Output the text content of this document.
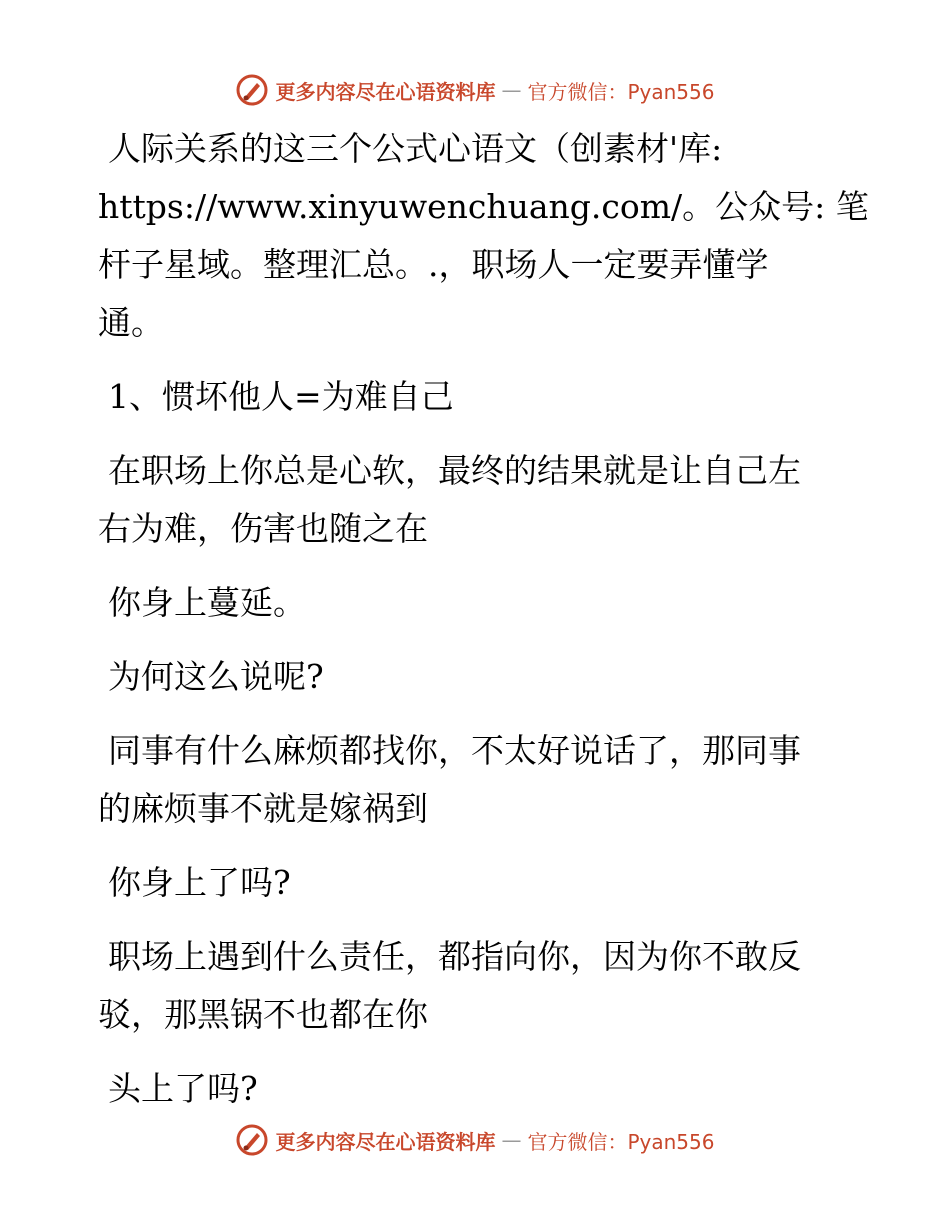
更多内容尽在心语资料库 — 官方微信：Pyan556

人际关系的这三个公式心语文（创素材'库:

https://www.xinyuwenchuang.com/。公众号: 笔

杆子星域。整理汇总。.，职场人一定要弄懂学

通。

1、惯坏他人=为难自己

在职场上你总是心软，最终的结果就是让自己左

右为难，伤害也随之在

你身上蔓延。

为何这么说呢?

同事有什么麻烦都找你，不太好说话了，那同事

的麻烦事不就是嫁祸到

你身上了吗?

职场上遇到什么责任，都指向你，因为你不敢反

驳，那黑锅不也都在你

头上了吗?

更多内容尽在心语资料库 — 官方微信：Pyan556
